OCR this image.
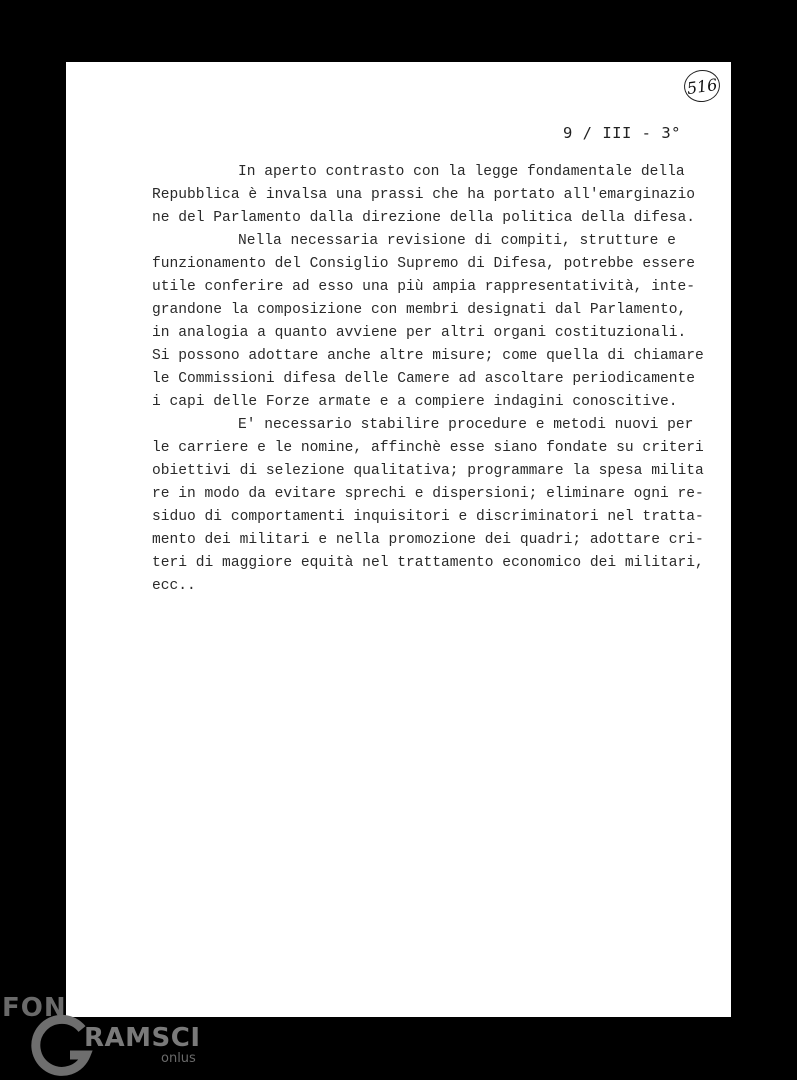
516
9 / III - 3°

In aperto contrasto con la legge fondamentale della

Repubblica è invalsa una prassi che ha portato all'emarginazio

ne del Parlamento dalla direzione della politica della difesa.

Nella necessaria revisione di compiti, strutture e

funzionamento del Consiglio Supremo di Difesa, potrebbe essere

utile conferire ad esso una più ampia rappresentatività, inte-

grandone la composizione con membri designati dal Parlamento,

in analogia a quanto avviene per altri organi costituzionali.

Si possono adottare anche altre misure; come quella di chiamare

le Commissioni difesa delle Camere ad ascoltare periodicamente

i capi delle Forze armate e a compiere indagini conoscitive.

E' necessario stabilire procedure e metodi nuovi per

le carriere e le nomine, affinchè esse siano fondate su criteri

obiettivi di selezione qualitativa; programmare la spesa milita

re in modo da evitare sprechi e dispersioni; eliminare ogni re-

siduo di comportamenti inquisitori e discriminatori nel tratta-

mento dei militari e nella promozione dei quadri; adottare cri-

teri di maggiore equità nel trattamento economico dei militari,

ecc..

FON
RAMSCI
onlus
